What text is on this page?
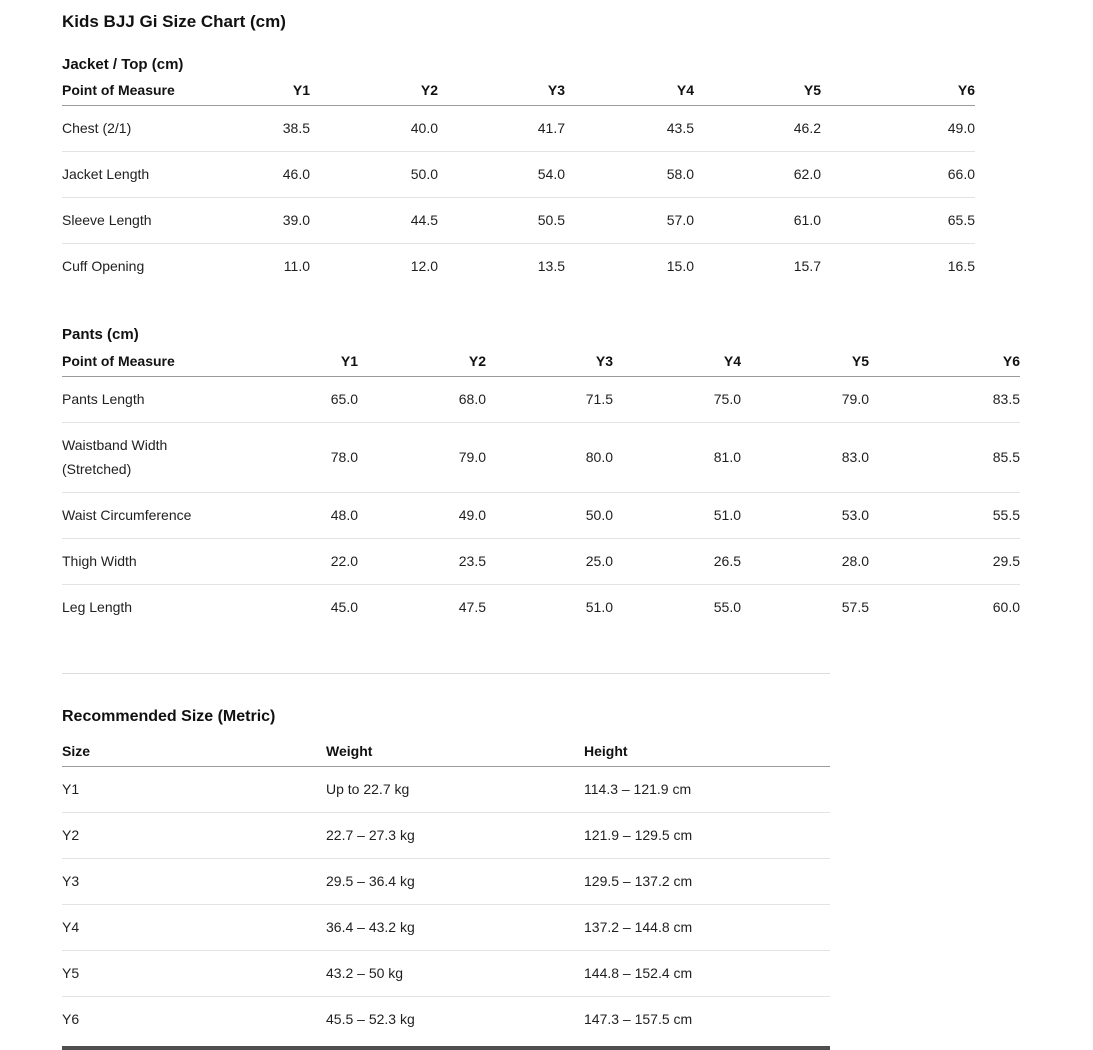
Kids BJJ Gi Size Chart (cm)
Jacket / Top (cm)
Point of Measure	Y1	Y2	Y3	Y4	Y5	Y6
Chest (2/1)	38.5	40.0	41.7	43.5	46.2	49.0
Jacket Length	46.0	50.0	54.0	58.0	62.0	66.0
Sleeve Length	39.0	44.5	50.5	57.0	61.0	65.5
Cuff Opening	11.0	12.0	13.5	15.0	15.7	16.5
Pants (cm)
Point of Measure	Y1	Y2	Y3	Y4	Y5	Y6
Pants Length	65.0	68.0	71.5	75.0	79.0	83.5
Waistband Width (Stretched)	78.0	79.0	80.0	81.0	83.0	85.5
Waist Circumference	48.0	49.0	50.0	51.0	53.0	55.5
Thigh Width	22.0	23.5	25.0	26.5	28.0	29.5
Leg Length	45.0	47.5	51.0	55.0	57.5	60.0
Recommended Size (Metric)
Size	Weight	Height
Y1	Up to 22.7 kg	114.3 – 121.9 cm
Y2	22.7 – 27.3 kg	121.9 – 129.5 cm
Y3	29.5 – 36.4 kg	129.5 – 137.2 cm
Y4	36.4 – 43.2 kg	137.2 – 144.8 cm
Y5	43.2 – 50 kg	144.8 – 152.4 cm
Y6	45.5 – 52.3 kg	147.3 – 157.5 cm
